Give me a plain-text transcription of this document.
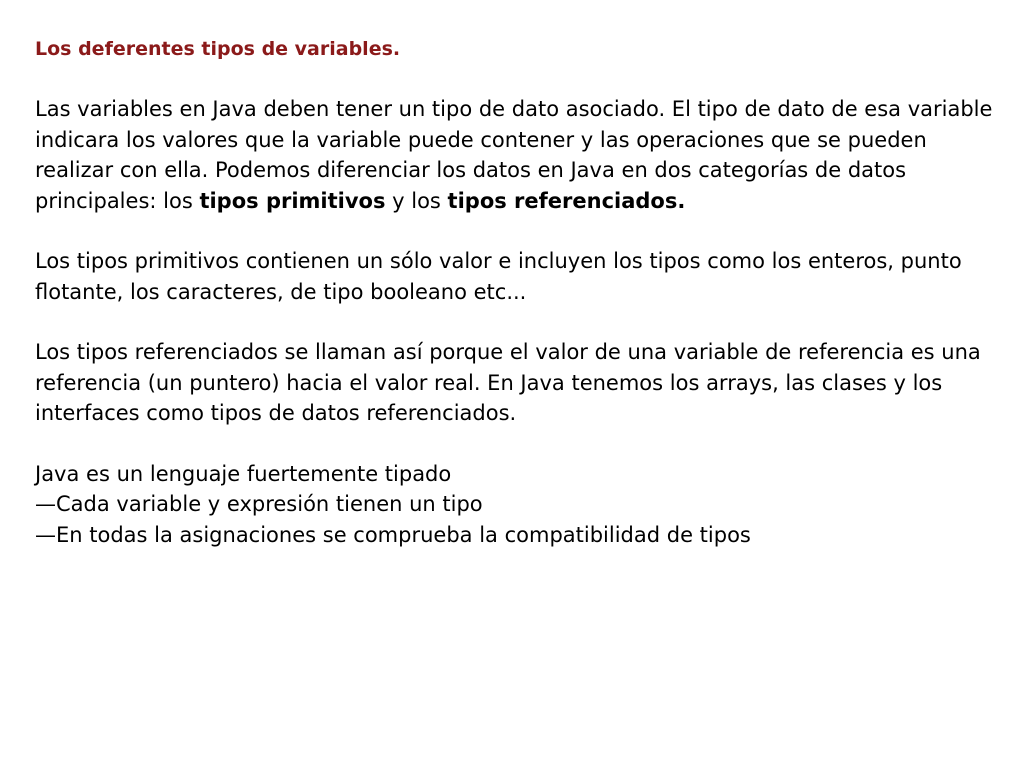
Los deferentes tipos de variables.

Las variables en Java deben tener un tipo de dato asociado. El tipo de dato de esa variable indicara los valores que la variable puede contener y las operaciones que se pueden realizar con ella. Podemos diferenciar los datos en Java en dos categorías de datos principales: los tipos primitivos y los tipos referenciados.

Los tipos primitivos contienen un sólo valor e incluyen los tipos como los enteros, punto flotante, los caracteres, de tipo booleano etc...

Los tipos referenciados se llaman así porque el valor de una variable de referencia es una referencia (un puntero) hacia el valor real. En Java tenemos los arrays, las clases y los interfaces como tipos de datos referenciados.

Java es un lenguaje fuertemente tipado
—Cada variable y expresión tienen un tipo
—En todas la asignaciones se comprueba la compatibilidad de tipos
